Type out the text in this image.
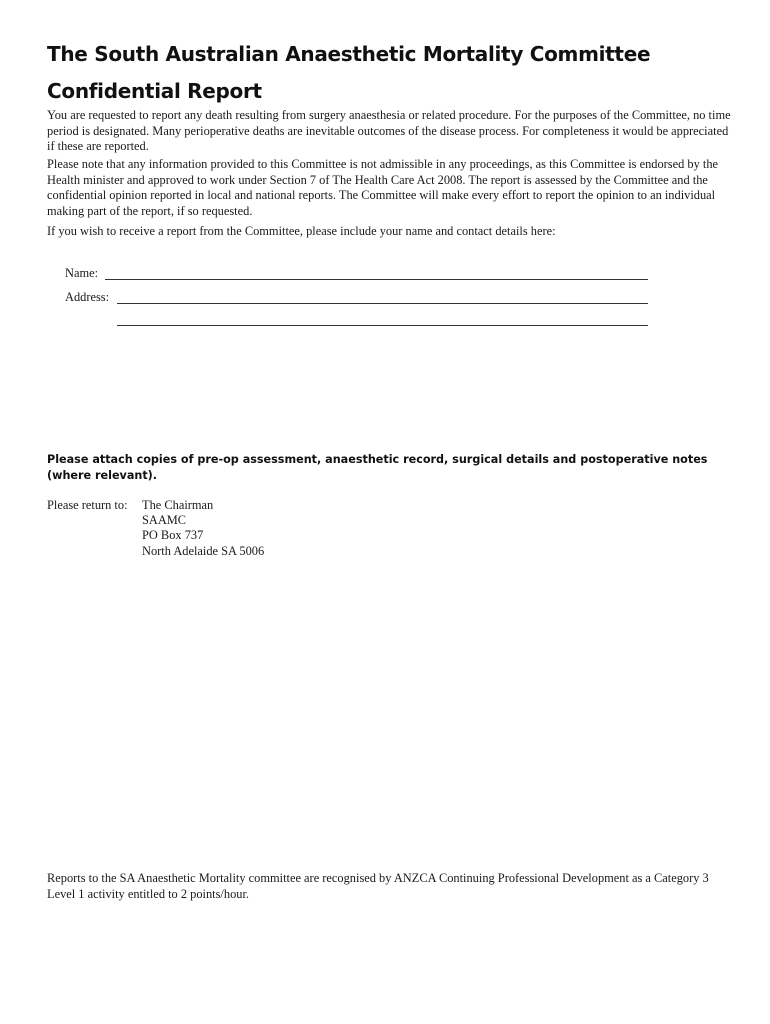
The South Australian Anaesthetic Mortality Committee
Confidential Report

You are requested to report any death resulting from surgery anaesthesia or related procedure. For the purposes of the Committee, no time period is designated. Many perioperative deaths are inevitable outcomes of the disease process. For completeness it would be appreciated if these are reported.

Please note that any information provided to this Committee is not admissible in any proceedings, as this Committee is endorsed by the Health minister and approved to work under Section 7 of The Health Care Act 2008. The report is assessed by the Committee and the confidential opinion reported in local and national reports. The Committee will make every effort to report the opinion to an individual making part of the report, if so requested.

If you wish to receive a report from the Committee, please include your name and contact details here:

Name:
Address:

Please attach copies of pre-op assessment, anaesthetic record, surgical details and postoperative notes (where relevant).

Please return to: The Chairman
SAAMC
PO Box 737
North Adelaide SA 5006

Reports to the SA Anaesthetic Mortality committee are recognised by ANZCA Continuing Professional Development as a Category 3 Level 1 activity entitled to 2 points/hour.
